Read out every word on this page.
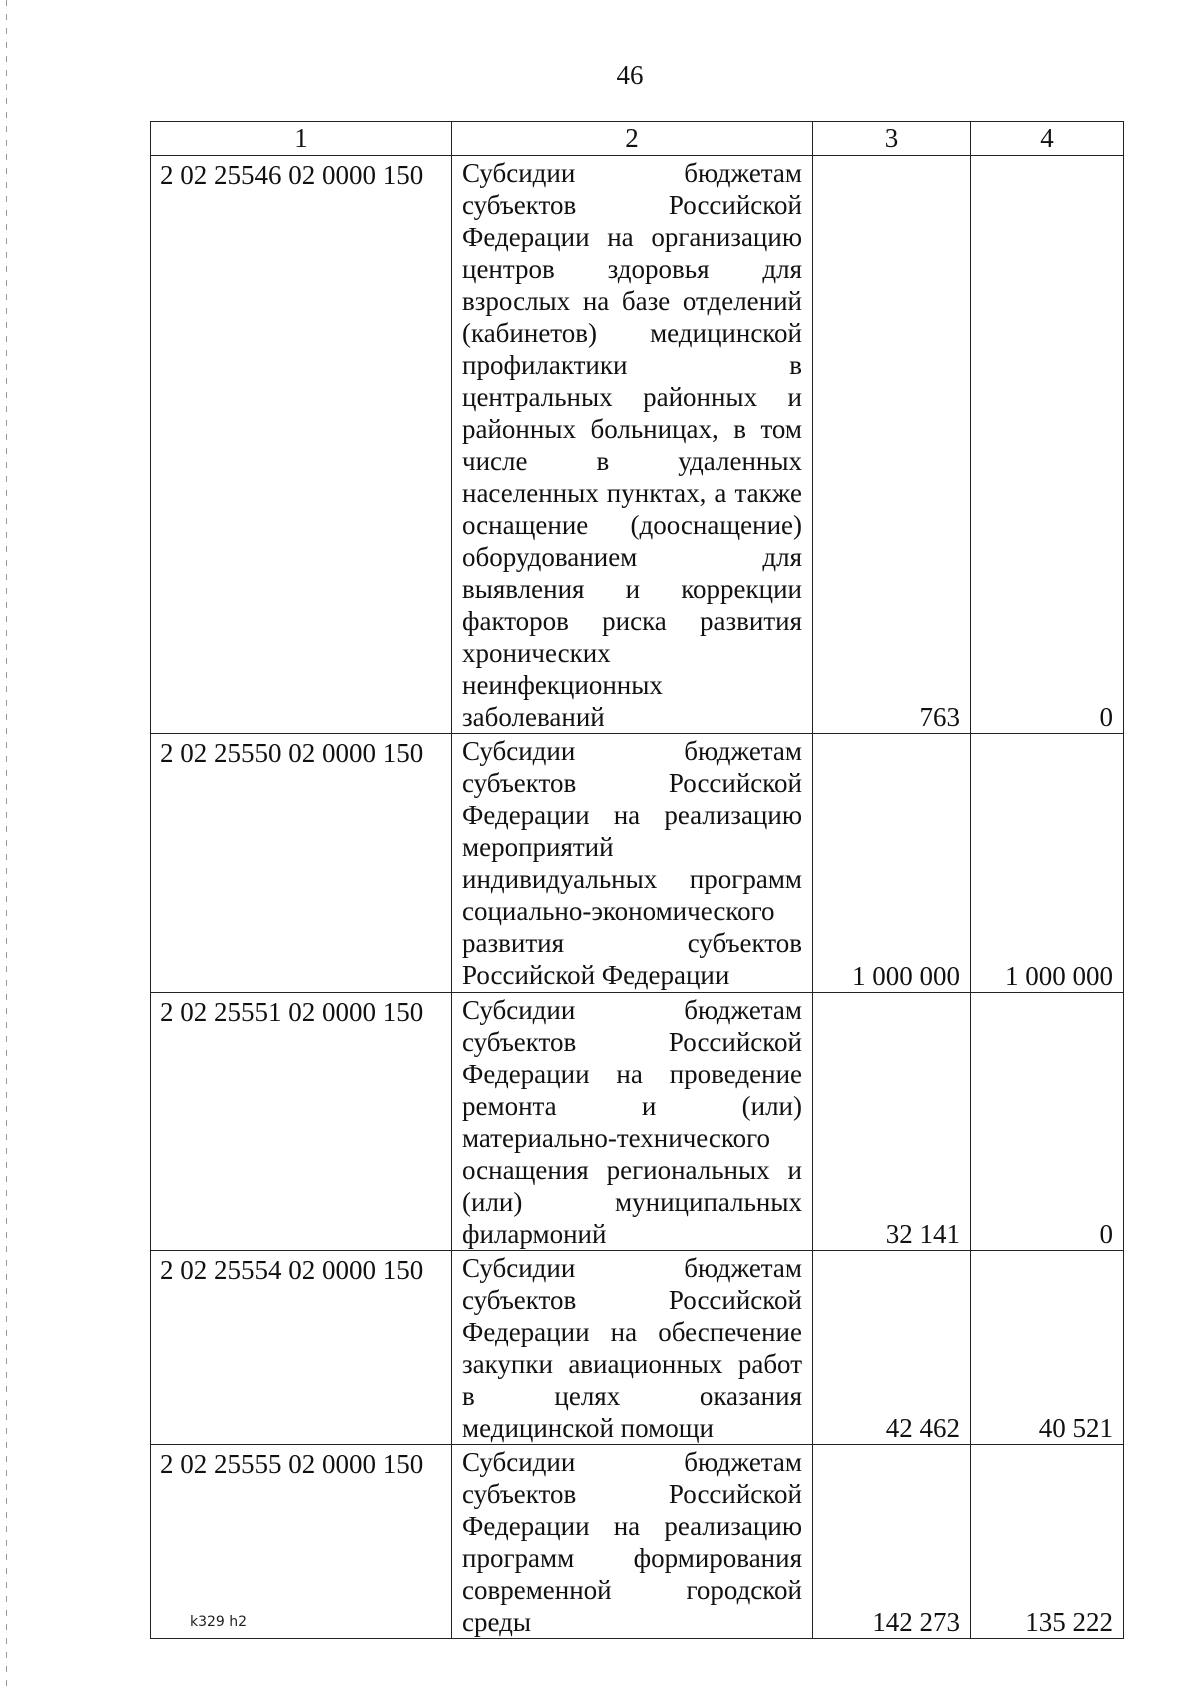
46
1	2	3	4
2 02 25546 02 0000 150	Субсидии бюджетам субъектов Российской Федерации на организацию центров здоровья для взрослых на базе отделений (кабинетов) медицинской профилактики в центральных районных и районных больницах, в том числе в удаленных населенных пунктах, а также оснащение (дооснащение) оборудованием для выявления и коррекции факторов риска развития хронических неинфекционных заболеваний	763	0
2 02 25550 02 0000 150	Субсидии бюджетам субъектов Российской Федерации на реализацию мероприятий индивидуальных программ социально-экономического развития субъектов Российской Федерации	1 000 000	1 000 000
2 02 25551 02 0000 150	Субсидии бюджетам субъектов Российской Федерации на проведение ремонта и (или) материально-технического оснащения региональных и (или) муниципальных филармоний	32 141	0
2 02 25554 02 0000 150	Субсидии бюджетам субъектов Российской Федерации на обеспечение закупки авиационных работ в целях оказания медицинской помощи	42 462	40 521
2 02 25555 02 0000 150	Субсидии бюджетам субъектов Российской Федерации на реализацию программ формирования современной городской среды	142 273	135 222
k329 h2
